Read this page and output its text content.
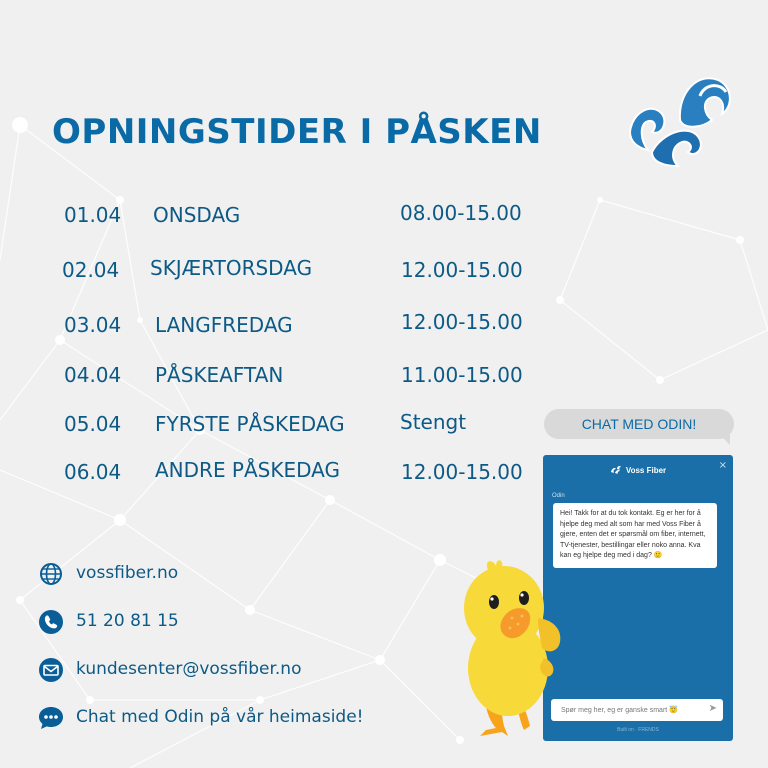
OPNINGSTIDER I PÅSKEN
01.04 ONSDAG	08.00-15.00
02.04 SKJÆRTORSDAG	12.00-15.00
03.04 LANGFREDAG	12.00-15.00
04.04 PÅSKEAFTAN	11.00-15.00
05.04 FYRSTE PÅSKEDAG	Stengt
06.04 ANDRE PÅSKEDAG	12.00-15.00
vossfiber.no
51 20 81 15
kundesenter@vossfiber.no
Chat med Odin på vår heimaside!
CHAT MED ODIN!
Voss Fiber	×
Odin
Hei! Takk for at du tok kontakt. Eg er her for å hjelpe deg med alt som har med Voss Fiber å gjere, enten det er spørsmål om fiber, internett, TV-tjenester, bestillingar eller noko anna. Kva kan eg hjelpe deg med i dag? 🙂
Spør meg her, eg er ganske smart 😇	➤
Built on · FRENDS
